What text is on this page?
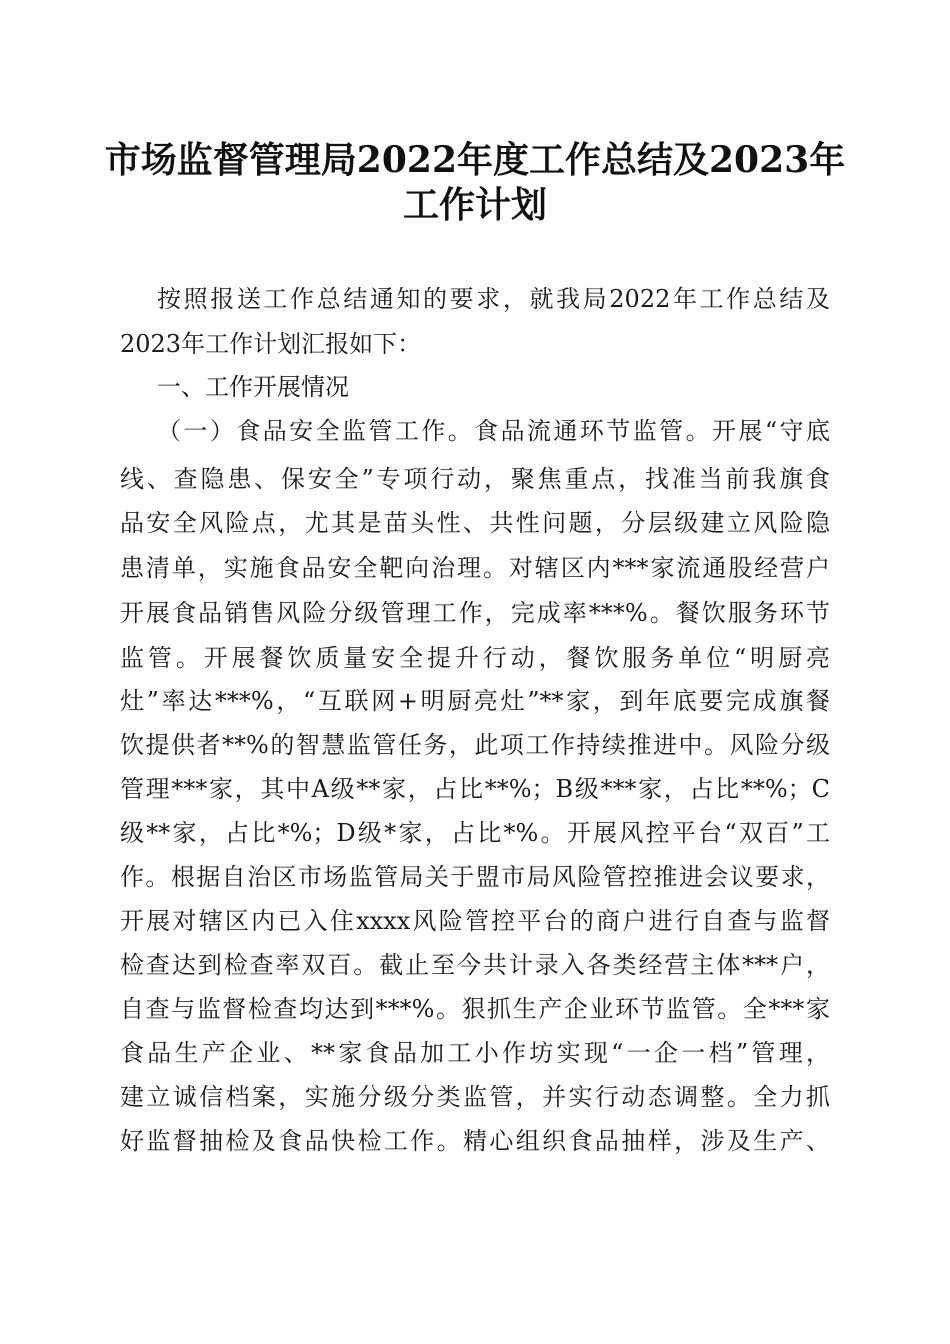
市场监督管理局2022年度工作总结及2023年
工作计划
按照报送工作总结通知的要求，就我局2022年工作总结及
2023年工作计划汇报如下：
一、工作开展情况
（一）食品安全监管工作。食品流通环节监管。开展“守底
线、查隐患、保安全”专项行动，聚焦重点，找准当前我旗食
品安全风险点，尤其是苗头性、共性问题，分层级建立风险隐
患清单，实施食品安全靶向治理。对辖区内***家流通股经营户
开展食品销售风险分级管理工作，完成率***%。餐饮服务环节
监管。开展餐饮质量安全提升行动，餐饮服务单位“明厨亮
灶”率达***%，“互联网+明厨亮灶”**家，到年底要完成旗餐
饮提供者**%的智慧监管任务，此项工作持续推进中。风险分级
管理***家，其中A级**家，占比**%；B级***家，占比**%；C
级**家，占比*%；D级*家，占比*%。开展风控平台“双百”工
作。根据自治区市场监管局关于盟市局风险管控推进会议要求，
开展对辖区内已入住xxxx风险管控平台的商户进行自查与监督
检查达到检查率双百。截止至今共计录入各类经营主体***户，
自查与监督检查均达到***%。狠抓生产企业环节监管。全***家
食品生产企业、**家食品加工小作坊实现“一企一档”管理，
建立诚信档案，实施分级分类监管，并实行动态调整。全力抓
好监督抽检及食品快检工作。精心组织食品抽样，涉及生产、
